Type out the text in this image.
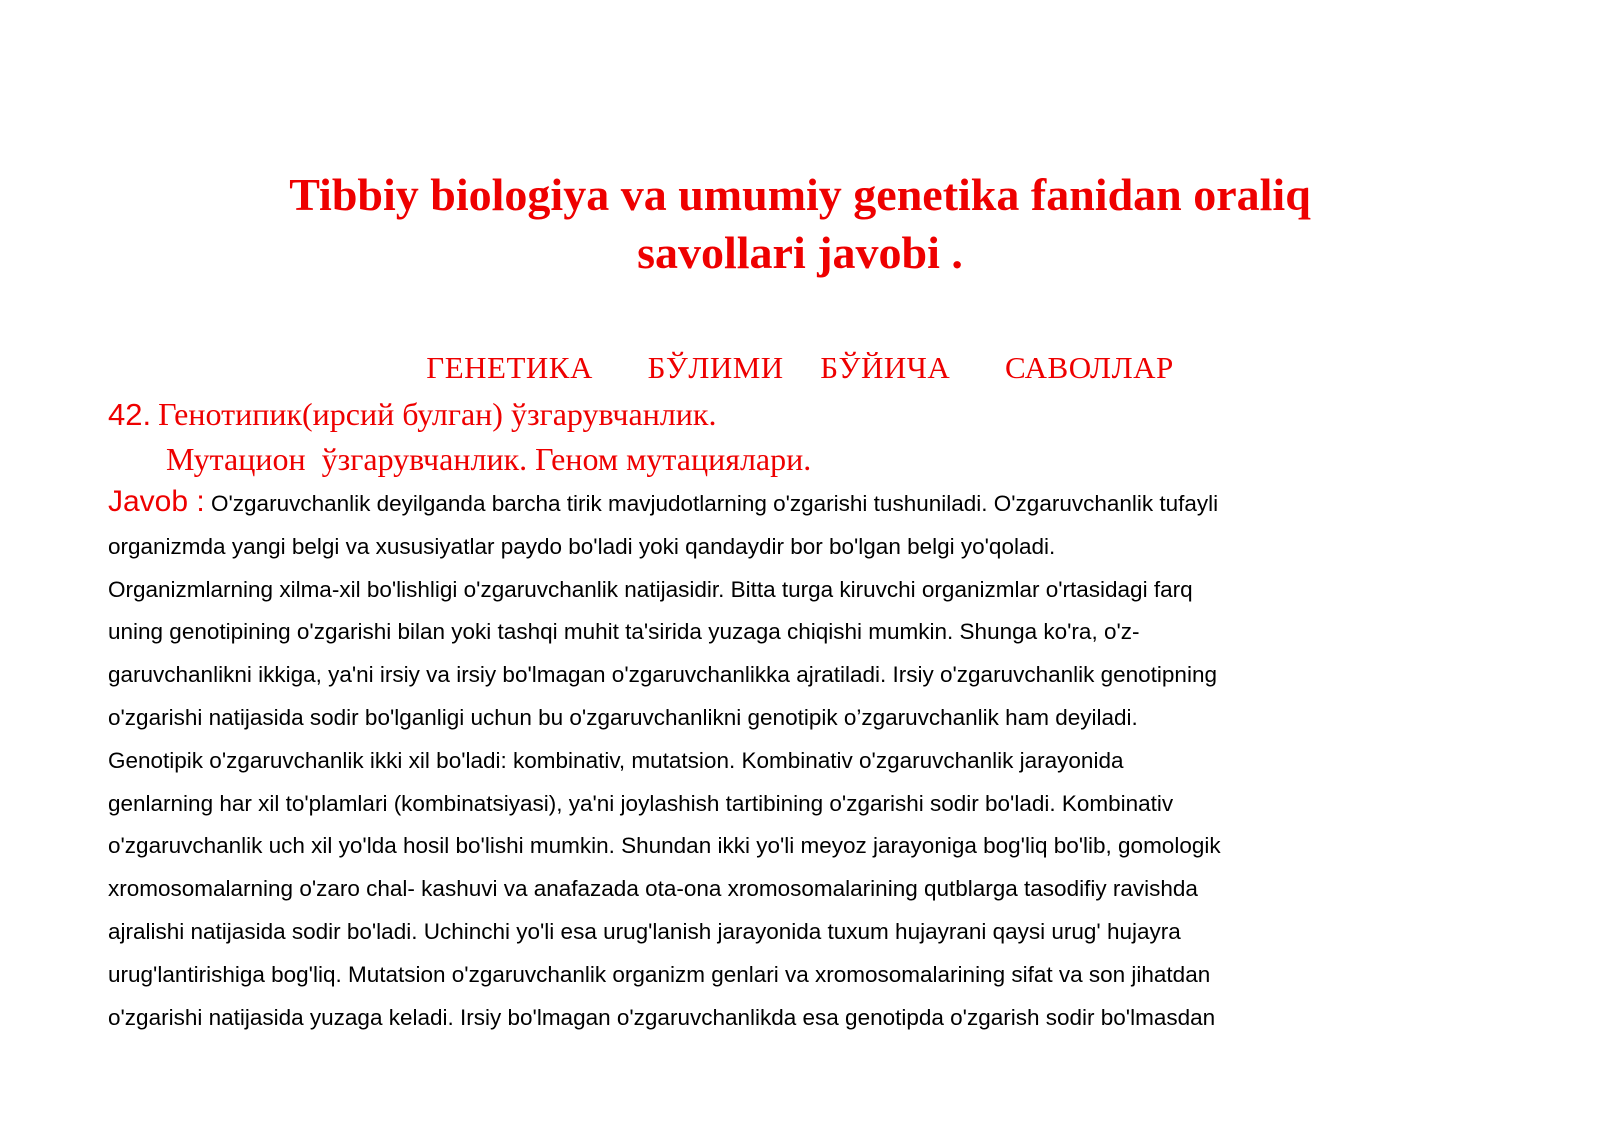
Tibbiy biologiya va umumiy genetika fanidan oraliq
savollari javobi .
ГЕНЕТИКА   БЎЛИМИ  БЎЙИЧА   САВОЛЛАР
42. Генотипик(ирсий булган) ўзгарувчанлик.
Мутацион  ўзгарувчанлик. Геном мутациялари.
Javob : O'zgaruvchanlik deyilganda barcha tirik mavjudotlarning o'zgarishi tushuniladi. O'zgaruvchanlik tufayli
organizmda yangi belgi va xususiyatlar paydo bo'ladi yoki qandaydir bor bo'lgan belgi yo'qoladi.
Organizmlarning xilma-xil bo'lishligi o'zgaruvchanlik natijasidir. Bitta turga kiruvchi organizmlar o'rtasidagi farq
uning genotipining o'zgarishi bilan yoki tashqi muhit ta'sirida yuzaga chiqishi mumkin. Shunga ko'ra, o'z-
garuvchanlikni ikkiga, ya'ni irsiy va irsiy bo'lmagan o'zgaruvchanlikka ajratiladi. Irsiy o'zgaruvchanlik genotipning
o'zgarishi natijasida sodir bo'lganligi uchun bu o'zgaruvchanlikni genotipik o’zgaruvchanlik ham deyiladi.
Genotipik o'zgaruvchanlik ikki xil bo'ladi: kombinativ, mutatsion. Kombinativ o'zgaruvchanlik jarayonida
genlarning har xil to'plamlari (kombinatsiyasi), ya'ni joylashish tartibining o'zgarishi sodir bo'ladi. Kombinativ
o'zgaruvchanlik uch xil yo'lda hosil bo'lishi mumkin. Shundan ikki yo'li meyoz jarayoniga bog'liq bo'lib, gomologik
xromosomalarning o'zaro chal- kashuvi va anafazada ota-ona xromosomalarining qutblarga tasodifiy ravishda
ajralishi natijasida sodir bo'ladi. Uchinchi yo'li esa urug'lanish jarayonida tuxum hujayrani qaysi urug' hujayra
urug'lantirishiga bog'liq. Mutatsion o'zgaruvchanlik organizm genlari va xromosomalarining sifat va son jihatdan
o'zgarishi natijasida yuzaga keladi. Irsiy bo'lmagan o'zgaruvchanlikda esa genotipda o'zgarish sodir bo'lmasdan
